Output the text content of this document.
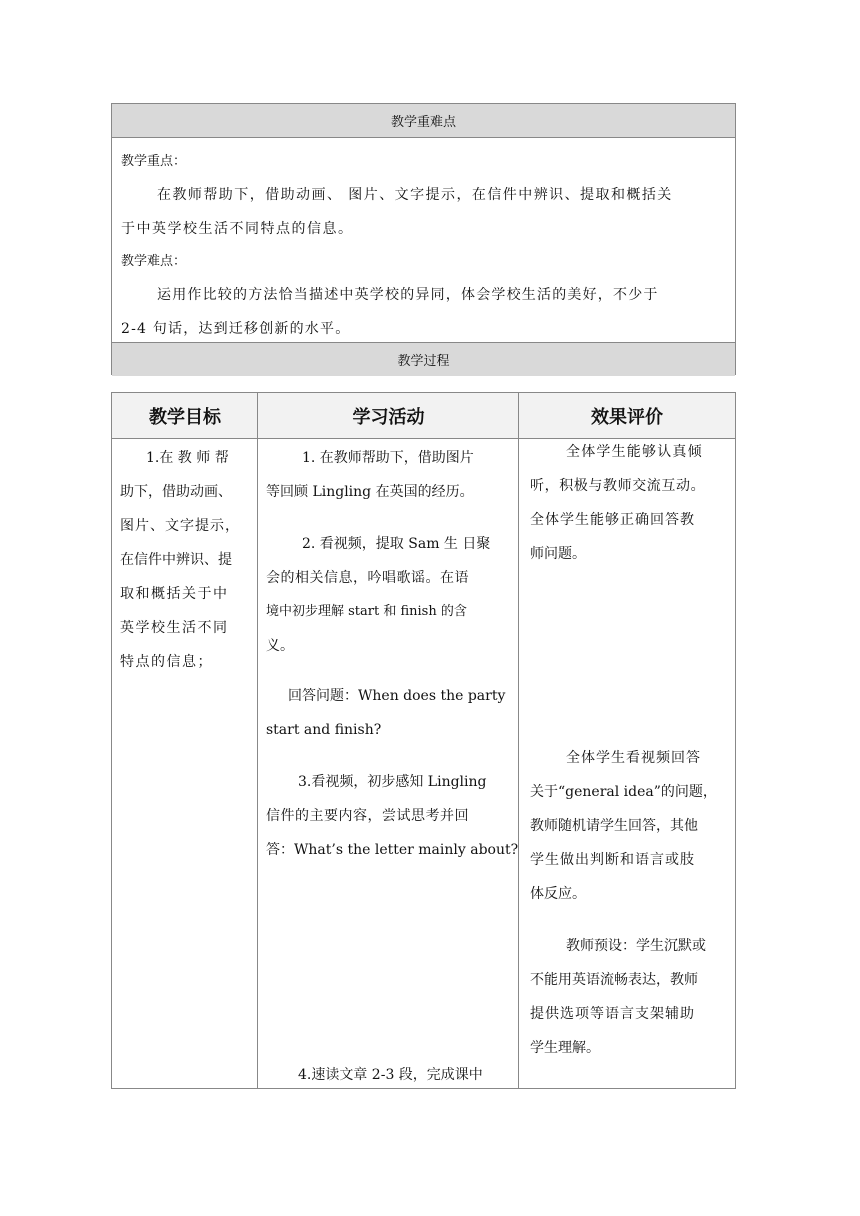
教学重难点
教学重点：
在教师帮助下，借助动画、 图片、文字提示，在信件中辨识、提取和概括关
于中英学校生活不同特点的信息。
教学难点：
运用作比较的方法恰当描述中英学校的异同，体会学校生活的美好，不少于
2-4 句话，达到迁移创新的水平。
教学过程
教学目标	学习活动	效果评价

1.在 教 师 帮

助下，借助动画、

图片、文字提示，

在信件中辨识、提

取和概括关于中

英学校生活不同

特点的信息；

1. 在教师帮助下，借助图片

等回顾 Lingling 在英国的经历。

2. 看视频，提取 Sam 生 日聚

会的相关信息，吟唱歌谣。在语

境中初步理解 start 和 finish 的含

义。

回答问题：When does the party

start and finish?

3.看视频，初步感知 Lingling

信件的主要内容，尝试思考并回

答：What’s the letter mainly about?

4.速读文章 2-3 段，完成课中

全体学生能够认真倾

听，积极与教师交流互动。

全体学生能够正确回答教

师问题。

全体学生看视频回答

关于“general idea”的问题，

教师随机请学生回答，其他

学生做出判断和语言或肢

体反应。

教师预设：学生沉默或

不能用英语流畅表达，教师

提供选项等语言支架辅助

学生理解。
